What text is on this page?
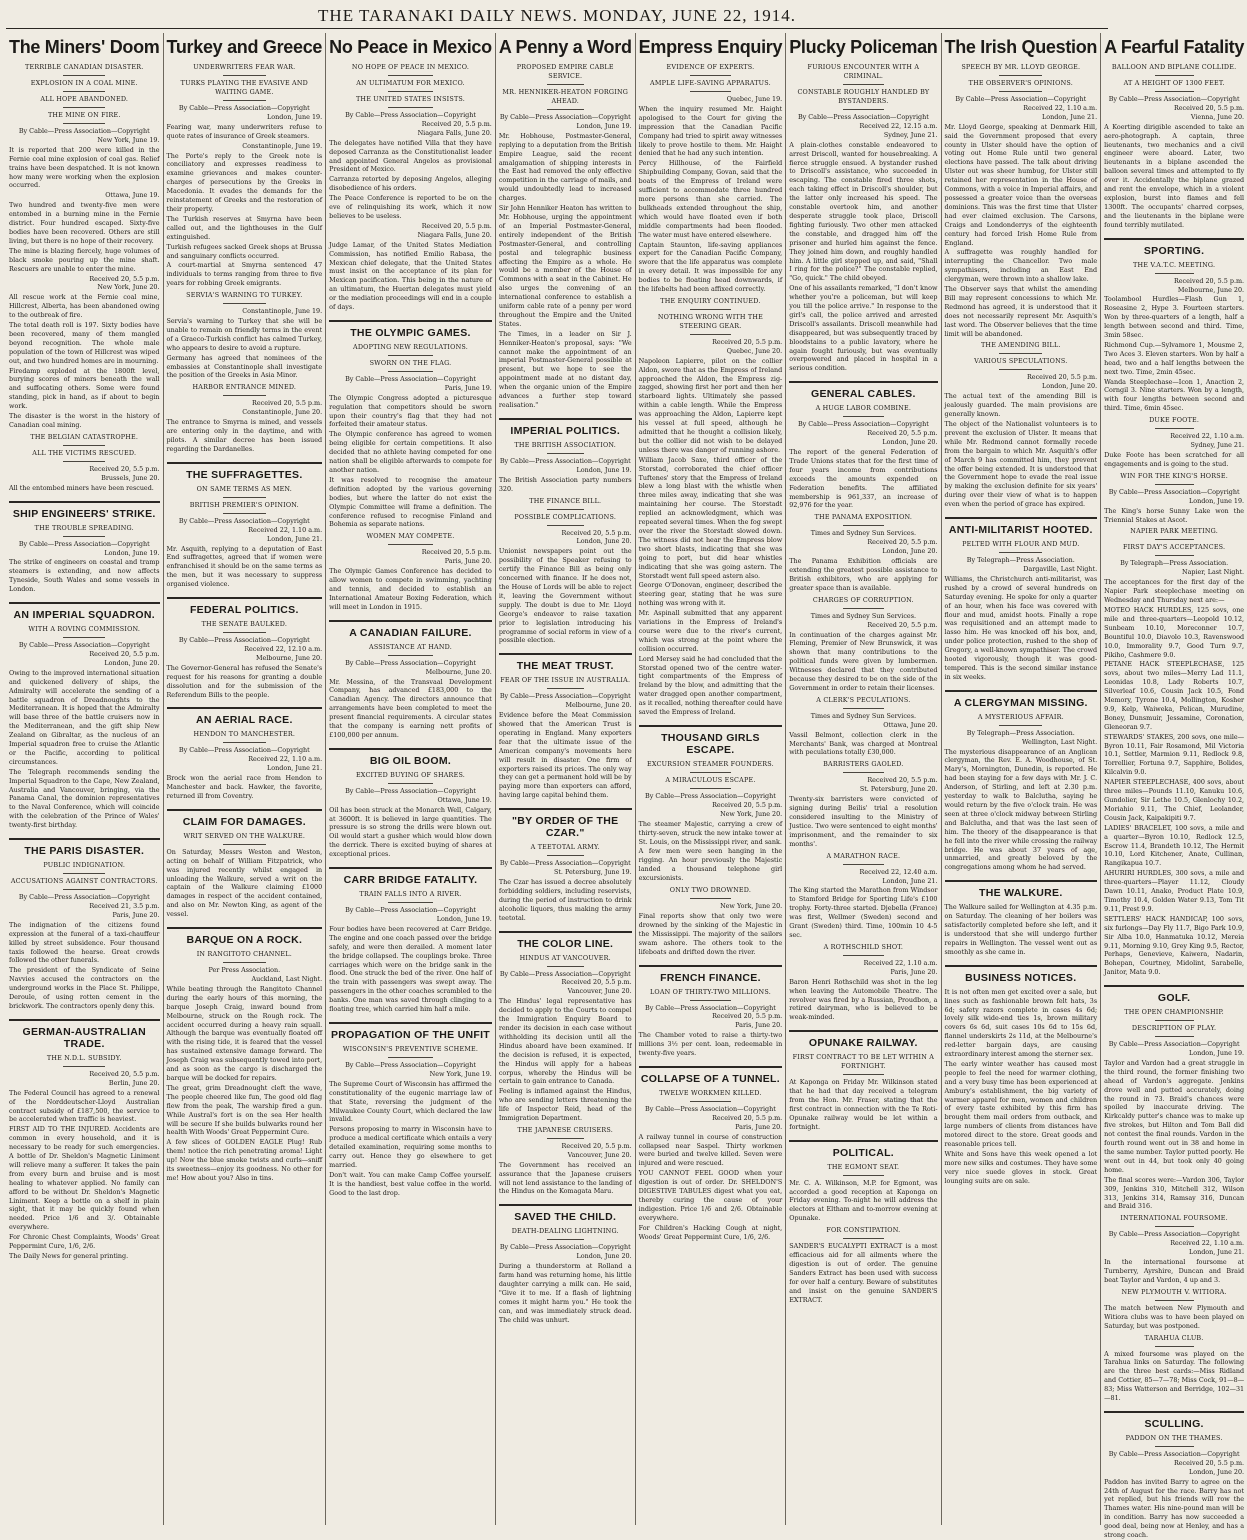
THE TARANAKI DAILY NEWS. MONDAY, JUNE 22, 1914.
The Miners' Doom
TERRIBLE CANADIAN DISASTER.
EXPLOSION IN A COAL MINE.
ALL HOPE ABANDONED.
THE MINE ON FIRE.
By Cable—Press Association—Copyright
New York, June 19.
It is reported that 200 were killed in the Fernie coal mine explosion of coal gas. Relief trains have been despatched. It is not known how many were working when the explosion occurred.
Ottawa, June 19.
Two hundred and twenty-five men were entombed in a burning mine in the Fernie district. Four hundred escaped. Sixty-five bodies have been recovered. Others are still living, but there is no hope of their recovery.
The mine is blazing fiercely, huge volumes of black smoke pouring up the mine shaft. Rescuers are unable to enter the mine.
Received 20, 5.5 p.m.
New York, June 20.
All rescue work at the Fernie coal mine, Hillcrest, Alberta, has been abandoned owing to the outbreak of fire.
The total death roll is 197. Sixty bodies have been recovered, many of them mangled beyond recognition. The whole male population of the town of Hillcrest was wiped out, and two hundred homes are in mourning.
Firedamp exploded at the 1800ft level, burying scores of miners beneath the wall and suffocating others. Some were found standing, pick in hand, as if about to begin work.
The disaster is the worst in the history of Canadian coal mining.
THE BELGIAN CATASTROPHE.
ALL THE VICTIMS RESCUED.
Received 20, 5.5 p.m.
Brussels, June 20.
All the entombed miners have been rescued.
SHIP ENGINEERS' STRIKE.
THE TROUBLE SPREADING.
By Cable—Press Association—Copyright
London, June 19.
The strike of engineers on coastal and tramp steamers is extending, and now affects Tyneside, South Wales and some vessels in London.
AN IMPERIAL SQUADRON.
WITH A ROVING COMMISSION.
By Cable—Press Association—Copyright
Received 20, 5.5 p.m.
London, June 20.
Owing to the improved international situation and quickened delivery of ships, the Admiralty will accelerate the sending of a battle squadron of Dreadnoughts to the Mediterranean. It is hoped that the Admiralty will base three of the battle cruisers now in the Mediterranean, and the gift ship New Zealand on Gibraltar, as the nucleus of an Imperial squadron free to cruise the Atlantic or the Pacific, according to political circumstances.
The Telegraph recommends sending the Imperial Squadron to the Cape, New Zealand, Australia and Vancouver, bringing, via the Panama Canal, the dominion representatives to the Naval Conference, which will coincide with the celebration of the Prince of Wales' twenty-first birthday.
THE PARIS DISASTER.
PUBLIC INDIGNATION.
ACCUSATIONS AGAINST CONTRACTORS.
By Cable—Press Association—Copyright
Received 21, 3.5 p.m.
Paris, June 20.
The indignation of the citizens found expression at the funeral of a taxi-chauffeur killed by street subsidence. Four thousand taxis followed the hearse. Great crowds followed the other funerals.
The president of the Syndicate of Seine Navvies accused the contractors on the underground works in the Place St. Philippe, Deroule, of using rotten cement in the brickwork. The contractors openly deny this.
GERMAN-AUSTRALIAN TRADE.
THE N.D.L. SUBSIDY.
Received 20, 5.5 p.m.
Berlin, June 20.
The Federal Council has agreed to a renewal of the Norddeutscher-Lloyd Australian contract subsidy of £187,500, the service to be accelerated when traffic is heaviest.
FIRST AID TO THE INJURED. Accidents are common in every household, and it is necessary to be ready for such emergencies. A bottle of Dr. Sheldon's Magnetic Liniment will relieve many a sufferer. It takes the pain from every burn and bruise and is most healing to whatever applied. No family can afford to be without Dr. Sheldon's Magnetic Liniment. Keep a bottle on a shelf in plain sight, that it may be quickly found when needed. Price 1/6 and 3/. Obtainable everywhere.
For Chronic Chest Complaints, Woods' Great Peppermint Cure, 1/6, 2/6.
The Daily News for general printing.
Turkey and Greece
UNDERWRITERS FEAR WAR.
TURKS PLAYING THE EVASIVE AND WAITING GAME.
By Cable—Press Association—Copyright
London, June 19.
Fearing war, many underwriters refuse to quote rates of insurance of Greek steamers.
Constantinople, June 19.
The Porte's reply to the Greek note is conciliatory and expresses readiness to examine grievances and makes counter-charges of persecutions by the Greeks in Macedonia. It evades the demands for the reinstatement of Greeks and the restoration of their property.
The Turkish reserves at Smyrna have been called out, and the lighthouses in the Gulf extinguished.
Turkish refugees sacked Greek shops at Brussa and sanguinary conflicts occurred.
A court-martial at Smyrna sentenced 47 individuals to terms ranging from three to five years for robbing Greek emigrants.
SERVIA'S WARNING TO TURKEY.
Constantinople, June 19.
Servia's warning to Turkey that she will be unable to remain on friendly terms in the event of a Graeco-Turkish conflict has calmed Turkey, who appears to desire to avoid a rupture.
Germany has agreed that nominees of the embassies at Constantinople shall investigate the position of the Greeks in Asia Minor.
HARBOR ENTRANCE MINED.
Received 20, 5.5 p.m.
Constantinople, June 20.
The entrance to Smyrna is mined, and vessels are entering only in the daytime, and with pilots. A similar decree has been issued regarding the Dardanelles.
THE SUFFRAGETTES.
ON SAME TERMS AS MEN.
BRITISH PREMIER'S OPINION.
By Cable—Press Association—Copyright
Received 22, 1.10 a.m.
London, June 21.
Mr. Asquith, replying to a deputation of East End suffragettes, agreed that if women were enfranchised it should be on the same terms as the men, but it was necessary to suppress organised violence.
FEDERAL POLITICS.
THE SENATE BAULKED.
By Cable—Press Association—Copyright
Received 22, 12.10 a.m.
Melbourne, June 20.
The Governor-General has refused the Senate's request for his reasons for granting a double dissolution and for the submission of the Referendum Bills to the people.
AN AERIAL RACE.
HENDON TO MANCHESTER.
By Cable—Press Association—Copyright
Received 22, 1.10 a.m.
London, June 21.
Brock won the aerial race from Hendon to Manchester and back. Hawker, the favorite, returned ill from Coventry.
CLAIM FOR DAMAGES.
WRIT SERVED ON THE WALKURE.
On Saturday, Messrs Weston and Weston, acting on behalf of William Fitzpatrick, who was injured recently whilst engaged in unloading the Walkure, served a writ on the captain of the Walkure claiming £1000 damages in respect of the accident contained, and also on Mr. Newton King, as agent of the vessel.
BARQUE ON A ROCK.
IN RANGITOTO CHANNEL.
Per Press Association.
Auckland, Last Night.
While beating through the Rangitoto Channel during the early hours of this morning, the barque Joseph Craig, inward bound from Melbourne, struck on the Rough rock. The accident occurred during a heavy rain squall. Although the barque was eventually floated off with the rising tide, it is feared that the vessel has sustained extensive damage forward. The Joseph Craig was subsequently towed into port, and as soon as the cargo is discharged the barque will be docked for repairs.
The great, grim Dreadnought cleft the wave, The people cheered like fun, The good old flag flew from the peak, The warship fired a gun. While Austral's fort is on the sea Her health will be secure If she builds bulwarks round her health With Woods' Great Peppermint Cure.
A few slices of GOLDEN EAGLE Plug! Rub them! notice the rich penetrating aroma! Light up! Now the blue smoke twists and curls—sniff its sweetness—enjoy its goodness. No other for me! How about you? Also in tins.
No Peace in Mexico
NO HOPE OF PEACE IN MEXICO.
AN ULTIMATUM FOR MEXICO.
THE UNITED STATES INSISTS.
By Cable—Press Association—Copyright
Received 20, 5.5 p.m.
Niagara Falls, June 20.
The delegates have notified Villa that they have deposed Carranza as the Constitutionalist leader and appointed General Angelos as provisional President of Mexico.
Carranza retorted by deposing Angelos, alleging disobedience of his orders.
The Peace Conference is reported to be on the eve of relinquishing its work, which it now believes to be useless.
Received 20, 5.5 p.m.
Niagara Falls, June 20.
Judge Lamar, of the United States Mediation Commission, has notified Emilio Rabasa, the Mexican chief delegate, that the United States must insist on the acceptance of its plan for Mexican pacification. This being in the nature of an ultimatum, the Huertan delegates must yield or the mediation proceedings will end in a couple of days.
THE OLYMPIC GAMES.
ADOPTING NEW REGULATIONS.
SWORN ON THE FLAG.
By Cable—Press Association—Copyright
Paris, June 19.
The Olympic Congress adopted a picturesque regulation that competitors should be sworn upon their country's flag that they had not forfeited their amateur status.
The Olympic conference has agreed to women being eligible for certain competitions. It also decided that no athlete having competed for one nation shall be eligible afterwards to compete for another nation.
It was resolved to recognise the amateur definition adopted by the various governing bodies, but where the latter do not exist the Olympic Committee will frame a definition. The conference refused to recognise Finland and Bohemia as separate nations.
WOMEN MAY COMPETE.
Received 20, 5.5 p.m.
Paris, June 20.
The Olympic Games Conference has decided to allow women to compete in swimming, yachting and tennis, and decided to establish an International Amateur Boxing Federation, which will meet in London in 1915.
A CANADIAN FAILURE.
ASSISTANCE AT HAND.
By Cable—Press Association—Copyright
Melbourne, June 20.
Mr. Messina, of the Transvaal Development Company, has advanced £183,000 to the Canadian Agency. The directors announce that arrangements have been completed to meet the present financial requirements. A circular states that the company is earning nett profits of £100,000 per annum.
BIG OIL BOOM.
EXCITED BUYING OF SHARES.
By Cable—Press Association—Copyright
Ottawa, June 19.
Oil has been struck at the Monarch Well, Calgary, at 3600ft. It is believed in large quantities. The pressure is so strong the drills were blown out. Oil would start a gusher which would blow down the derrick. There is excited buying of shares at exceptional prices.
CARR BRIDGE FATALITY.
TRAIN FALLS INTO A RIVER.
By Cable—Press Association—Copyright
London, June 19.
Four bodies have been recovered at Carr Bridge. The engine and one coach passed over the bridge safely, and were then derailed. A moment later the bridge collapsed. The couplings broke. Three carriages which were on the bridge sank in the flood. One struck the bed of the river. One half of the train with passengers was swept away. The passengers in the other coaches scrambled to the banks. One man was saved through clinging to a floating tree, which carried him half a mile.
PROPAGATION OF THE UNFIT
WISCONSIN'S PREVENTIVE SCHEME.
By Cable—Press Association—Copyright
New York, June 19.
The Supreme Court of Wisconsin has affirmed the constitutionality of the eugenic marriage law of that State, reversing the judgment of the Milwaukee County Court, which declared the law invalid.
Persons proposing to marry in Wisconsin have to produce a medical certificate which entails a very detailed examination, requiring some months to carry out. Hence they go elsewhere to get married.
Don't wait. You can make Camp Coffee yourself. It is the handiest, best value coffee in the world. Good to the last drop.
A Penny a Word
PROPOSED EMPIRE CABLE SERVICE.
MR. HENNIKER-HEATON FORGING AHEAD.
By Cable—Press Association—Copyright
London, June 19.
Mr. Hobhouse, Postmaster-General, replying to a deputation from the British Empire League, said the recent amalgamation of shipping interests in the East had removed the only effective competition in the carriage of mails, and would undoubtedly lead to increased charges.
Sir John Henniker Heaton has written to Mr. Hobhouse, urging the appointment of an Imperial Postmaster-General, entirely independent of the British Postmaster-General, and controlling postal and telegraphic business affecting the Empire as a whole. He would be a member of the House of Commons with a seat in the Cabinet. He also urges the convening of an international conference to establish a uniform cable rate of a penny per word throughout the Empire and the United States.
The Times, in a leader on Sir J. Henniker-Heaton's proposal, says: "We cannot make the appointment of an imperial Postmaster-General possible at present, but we hope to see the appointment made at no distant day, when the organic union of the Empire advances a further step toward realisation."
IMPERIAL POLITICS.
THE BRITISH ASSOCIATION.
By Cable—Press Association—Copyright
London, June 19.
The British Association party numbers 320.
THE FINANCE BILL.
POSSIBLE COMPLICATIONS.
Received 20, 5.5 p.m.
London, June 20.
Unionist newspapers point out the possibility of the Speaker refusing to certify the Finance Bill as being only concerned with finance. If he does not, the House of Lords will be able to reject it, leaving the Government without supply. The doubt is due to Mr. Lloyd George's endeavor to raise taxation prior to legislation introducing his programme of social reform in view of a possible election.
THE MEAT TRUST.
FEAR OF THE ISSUE IN AUSTRALIA.
By Cable—Press Association—Copyright
Melbourne, June 20.
Evidence before the Meat Commission showed that the American Trust is operating in England. Many exporters fear that the ultimate issue of the American company's movements here will result in disaster. One firm of exporters raised its prices. The only way they can get a permanent hold will be by paying more than exporters can afford, having large capital behind them.
"BY ORDER OF THE CZAR."
A TEETOTAL ARMY.
By Cable—Press Association—Copyright
St. Petersburg, June 19.
The Czar has issued a decree absolutely forbidding soldiers, including reservists, during the period of instruction to drink alcoholic liquors, thus making the army teetotal.
THE COLOR LINE.
HINDUS AT VANCOUVER.
By Cable—Press Association—Copyright
Received 20, 5.5 p.m.
Vancouver, June 20.
The Hindus' legal representative has decided to apply to the Courts to compel the Immigration Enquiry Board to render its decision in each case without withholding its decision until all the Hindus aboard have been examined. If the decision is refused, it is expected, the Hindus will apply for a habeas corpus, whereby the Hindus will be certain to gain entrance to Canada.
Feeling is inflamed against the Hindus, who are sending letters threatening the life of Inspector Reid, head of the Immigration Department.
THE JAPANESE CRUISERS.
Received 20, 5.5 p.m.
Vancouver, June 20.
The Government has received an assurance that the Japanese cruisers will not lend assistance to the landing of the Hindus on the Komagata Maru.
SAVED THE CHILD.
DEATH-DEALING LIGHTNING.
By Cable—Press Association—Copyright
London, June 20.
During a thunderstorm at Rolland a farm hand was returning home, his little daughter carrying a milk can. He said, "Give it to me. If a flash of lightning comes it might harm you." He took the can, and was immediately struck dead. The child was unhurt.
Empress Enquiry
EVIDENCE OF EXPERTS.
AMPLE LIFE-SAVING APPARATUS.
Quebec, June 19.
When the inquiry resumed Mr. Haight apologised to the Court for giving the impression that the Canadian Pacific Company had tried to spirit away witnesses likely to prove hostile to them. Mr. Haight denied that he had any such intention.
Percy Hillhouse, of the Fairfield Shipbuilding Company, Govan, said that the boats of the Empress of Ireland were sufficient to accommodate three hundred more persons than she carried. The bulkheads extended throughout the ship, which would have floated even if both middle compartments had been flooded. The water must have entered elsewhere.
Captain Staunton, life-saving appliances expert for the Canadian Pacific Company, swore that the life apparatus was complete in every detail. It was impossible for any bodies to be floating head downwards, if the lifebelts had been affixed correctly.
THE ENQUIRY CONTINUED.
NOTHING WRONG WITH THE STEERING GEAR.
Received 20, 5.5 p.m.
Quebec, June 20.
Napoleon Lapierre, pilot on the collier Aldon, swore that as the Empress of Ireland approached the Aldon, the Empress zig-zagged, showing first her port and then her starboard lights. Ultimately she passed within a cable length. While the Empress was approaching the Aldon, Lapierre kept his vessel at full speed, although he admitted that he thought a collision likely, but the collier did not wish to be delayed unless there was danger of running ashore.
William Jacob Saxe, third officer of the Storstad, corroborated the chief officer Tuftenes' story that the Empress of Ireland blew a long blast with the whistle when three miles away, indicating that she was maintaining her course. The Storstadt replied an acknowledgment, which was repeated several times. When the fog swept over the river the Storstadt slowed down. The witness did not hear the Empress blow two short blasts, indicating that she was going to port, but did hear whistles indicating that she was going astern. The Storstadt went full speed astern also.
George O'Donovan, engineer, described the steering gear, stating that he was sure nothing was wrong with it.
Mr. Aspinall submitted that any apparent variations in the Empress of Ireland's course were due to the river's current, which was strong at the point where the collision occurred.
Lord Mersey said he had concluded that the Storstad opened two of the centre water-tight compartments of the Empress of Ireland by the blow, and admitting that the water dragged open another compartment, as it recalled, nothing thereafter could have saved the Empress of Ireland.
THOUSAND GIRLS ESCAPE.
EXCURSION STEAMER FOUNDERS.
A MIRACULOUS ESCAPE.
By Cable—Press Association—Copyright
Received 20, 5.5 p.m.
New York, June 20.
The steamer Majestic, carrying a crew of thirty-seven, struck the new intake tower at St. Louis, on the Mississippi river, and sank.
A few men were seen hanging in the rigging. An hour previously the Majestic landed a thousand telephone girl excursionists.
ONLY TWO DROWNED.
New York, June 20.
Final reports show that only two were drowned by the sinking of the Majestic in the Mississippi. The majority of the sailors swam ashore. The others took to the lifeboats and drifted down the river.
FRENCH FINANCE.
LOAN OF THIRTY-TWO MILLIONS.
By Cable—Press Association—Copyright
Received 20, 5.5 p.m.
Paris, June 20.
The Chamber voted to raise a thirty-two millions 3½ per cent. loan, redeemable in twenty-five years.
COLLAPSE OF A TUNNEL.
TWELVE WORKMEN KILLED.
By Cable—Press Association—Copyright
Received 20, 5.5 p.m.
Paris, June 20.
A railway tunnel in course of construction collapsed near Saspel. Thirty workmen were buried and twelve killed. Seven were injured and were rescued.
YOU CANNOT FEEL GOOD when your digestion is out of order. Dr. SHELDON'S DIGESTIVE TABULES digest what you eat, thereby curing the cause of your indigestion. Price 1/6 and 2/6. Obtainable everywhere.
For Children's Hacking Cough at night, Woods' Great Peppermint Cure, 1/6, 2/6.
Plucky Policeman
FURIOUS ENCOUNTER WITH A CRIMINAL.
CONSTABLE ROUGHLY HANDLED BY BYSTANDERS.
By Cable—Press Association—Copyright
Received 22, 12.15 a.m.
Sydney, June 21.
A plain-clothes constable endeavored to arrest Driscoll, wanted for housebreaking. A fierce struggle ensued. A bystander rushed to Driscoll's assistance, who succeeded in escaping. The constable fired three shots, each taking effect in Driscoll's shoulder, but the latter only increased his speed. The constable overtook him, and another desperate struggle took place, Driscoll fighting furiously. Two other men attacked the constable, and dragged him off the prisoner and hurled him against the fence. They joined him down, and roughly handled him. A little girl stepped up, and said, "Shall I ring for the police?" The constable replied, "Go, quick." The child obeyed.
One of his assailants remarked, "I don't know whether you're a policeman, but will keep you till the police arrive." In response to the girl's call, the police arrived and arrested Driscoll's assailants. Driscoll meanwhile had disappeared, but was subsequently traced by bloodstains to a public lavatory, where he again fought furiously, but was eventually overpowered and placed in hospital in a serious condition.
GENERAL CABLES.
A HUGE LABOR COMBINE.
By Cable—Press Association—Copyright
Received 20, 5.5 p.m.
London, June 20.
The report of the general Federation of Trade Unions states that for the first time of four years income from contributions exceeds the amounts expended on Federation benefits. The affiliated membership is 961,337, an increase of 92,976 for the year.
THE PANAMA EXPOSITION.
Times and Sydney Sun Services.
Received 20, 5.5 p.m.
London, June 20.
The Panama Exhibition officials are extending the greatest possible assistance to British exhibitors, who are applying for greater space than is available.
CHARGES OF CORRUPTION.
Times and Sydney Sun Services.
Received 20, 5.5 p.m.
In continuation of the charges against Mr. Fleming, Premier of New Brunswick, it was shown that many contributions to the political funds were given by lumbermen. Witnesses declared that they contributed because they desired to be on the side of the Government in order to retain their licenses.
A CLERK'S PECULATIONS.
Times and Sydney Sun Services.
Ottawa, June 20.
Vassil Belmont, collection clerk in the Merchants' Bank, was charged at Montreal with peculations totally £30,000.
BARRISTERS GAOLED.
Received 20, 5.5 p.m.
St. Petersburg, June 20.
Twenty-six barristers were convicted of signing during Beilis' trial a resolution considered insulting to the Ministry of Justice. Two were sentenced to eight months' imprisonment, and the remainder to six months'.
A MARATHON RACE.
Received 22, 12.40 a.m.
London, June 21.
The King started the Marathon from Windsor to Stamford Bridge for Sporting Life's £100 trophy. Forty-three started. Djebella (France) was first, Wellmer (Sweden) second and Grant (Sweden) third. Time, 100min 10 4-5 sec.
A ROTHSCHILD SHOT.
Received 22, 1.10 a.m.
Paris, June 20.
Baron Henri Rothschild was shot in the leg when leaving the Automobile Theatre. The revolver was fired by a Russian, Proudbon, a retired dairyman, who is believed to be weak-minded.
OPUNAKE RAILWAY.
FIRST CONTRACT TO BE LET WITHIN A FORTNIGHT.
At Kaponga on Friday Mr. Wilkinson stated that he had that day received a telegram from the Hon. Mr. Fraser, stating that the first contract in connection with the Te Roti-Opunake railway would be let within a fortnight.
POLITICAL.
THE EGMONT SEAT.
Mr. C. A. Wilkinson, M.P. for Egmont, was accorded a good reception at Kaponga on Friday evening. To-night he will address the electors at Eltham and to-morrow evening at Opunake.
FOR CONSTIPATION.
SANDER'S EUCALYPTI EXTRACT is a most efficacious aid for all ailments where the digestion is out of order. The genuine Sanders Extract has been used with success for over half a century. Beware of substitutes and insist on the genuine SANDER'S EXTRACT.
The Irish Question
SPEECH BY MR. LLOYD GEORGE.
THE OBSERVER'S OPINIONS.
By Cable—Press Association—Copyright
Received 22, 1.10 a.m.
London, June 21.
Mr. Lloyd George, speaking at Denmark Hill, said the Government proposed that every county in Ulster should have the option of voting out Home Rule until two general elections have passed. The talk about driving Ulster out was sheer humbug, for Ulster still retained her representation in the House of Commons, with a voice in Imperial affairs, and possessed a greater voice than the overseas dominions. This was the first time that Ulster had ever claimed exclusion. The Carsons, Craigs and Londonderrys of the eighteenth century had forced Irish Home Rule from England.
A suffragette was roughly handled for interrupting the Chancellor. Two male sympathisers, including an East End clergyman, were thrown into a shallow lake.
The Observer says that whilst the amending Bill may represent concessions to which Mr. Redmond has agreed, it is understood that it does not necessarily represent Mr. Asquith's last word. The Observer believes that the time limit will be abandoned.
THE AMENDING BILL.
VARIOUS SPECULATIONS.
Received 20, 5.5 p.m.
London, June 20.
The actual text of the amending Bill is jealously guarded. The main provisions are generally known.
The object of the Nationalist volunteers is to prevent the exclusion of Ulster. It means that while Mr. Redmond cannot formally recede from the bargain to which Mr. Asquith's offer of March 9 has committed him, they prevent the offer being extended. It is understood that the Government hope to evade the real issue by making the exclusion definite for six years' during over their view of what is to happen even when the period of grace has expired.
ANTI-MILITARIST HOOTED.
PELTED WITH FLOUR AND MUD.
By Telegraph—Press Association.
Dargaville, Last Night.
Williams, the Christchurch anti-militarist, was rushed by a crowd of several hundreds on Saturday evening. He spoke for only a quarter of an hour, when his face was covered with flour and mud, amidst hoots. Finally a rope was requisitioned and an attempt made to lasso him. He was knocked off his box, and, under police protection, rushed to the shop of Gregory, a well-known sympathiser. The crowd hooted vigorously, though it was good-tempered. This is the second similar instance in six weeks.
A CLERGYMAN MISSING.
A MYSTERIOUS AFFAIR.
By Telegraph—Press Association.
Wellington, Last Night.
The mysterious disappearance of an Anglican clergyman, the Rev. E. A. Woodhouse, of St. Mary's, Mornington, Dunedin, is reported. He had been staying for a few days with Mr. J. C. Anderson, of Stirling, and left at 2.30 p.m. yesterday to walk to Balclutha, saying he would return by the five o'clock train. He was seen at three o'clock midway between Stirling and Balclutha, and that was the last seen of him. The theory of the disappearance is that he fell into the river while crossing the railway bridge. He was about 37 years of age, unmarried, and greatly beloved by the congregations among whom he had served.
THE WALKURE.
The Walkure sailed for Wellington at 4.35 p.m. on Saturday. The cleaning of her boilers was satisfactorily completed before she left, and it is understood that she will undergo further repairs in Wellington. The vessel went out as smoothly as she came in.
BUSINESS NOTICES.
It is not often men get excited over a sale, but lines such as fashionable brown felt hats, 3s 6d; safety razors complete in cases 4s 6d; lovely silk wide-end ties 1s, brown military covers 6s 6d, suit cases 10s 6d to 15s 6d, flannel underskirts 2s 11d, at the Melbourne's red-letter bargain days, are causing extraordinary interest among the sterner sex.
The early winter weather has caused most people to feel the need for warmer clothing, and a very busy time has been experienced at Ambury's establishment, the big variety of warmer apparel for men, women and children of every taste exhibited by this firm has brought them mail orders from outback, and large numbers of clients from distances have motored direct to the store. Great goods and reasonable prices tell.
White and Sons have this week opened a lot more new silks and costumes. They have some very nice suede gloves in stock. Great lounging suits are on sale.
A Fearful Fatality
BALLOON AND BIPLANE COLLIDE.
AT A HEIGHT OF 1300 FEET.
By Cable—Press Association—Copyright
Received 20, 5.5 p.m.
Vienna, June 20.
A Koerting dirigible ascended to take an aero-photograph. A captain, three lieutenants, two mechanics and a civil engineer were aboard. Later, two lieutenants in a biplane ascended the balloon several times and attempted to fly over it. Accidentally the biplane grazed and rent the envelope, which in a violent explosion, burst into flames and fell 1300ft. The occupants' charred corpses, and the lieutenants in the biplane were found terribly mutilated.
SPORTING.
THE V.A.T.C. MEETING.
Received 20, 5.5 p.m.
Melbourne, June 20.
Toolambool Hurdles—Flash Gun 1, Roseasine 2, Hype 3. Fourteen starters. Won by three-quarters of a length, half a length between second and third. Time, 3min 58sec.
Richmond Cup.—Sylvamore 1, Mousme 2, Two Aces 3. Eleven starters. Won by half a head, two and a half lengths between the next two. Time, 2min 45sec.
Wanda Steeplechase—Icon 1, Anaction 2, Corngil 3. Nine starters. Won by a length, with four lengths between second and third. Time, 6min 45sec.
DUKE FOOTE.
Received 22, 1.10 a.m.
Sydney, June 21.
Duke Foote has been scratched for all engagements and is going to the stud.
WIN FOR THE KING'S HORSE.
By Cable—Press Association—Copyright
London, June 19.
The King's horse Sunny Lake won the Triennial Stakes at Ascot.
NAPIER PARK MEETING.
FIRST DAY'S ACCEPTANCES.
By Telegraph—Press Association.
Napier, Last Night.
The acceptances for the first day of the Napier Park steeplechase meeting on Wednesday and Thursday next are:—
MOTEO HACK HURDLES, 125 sovs, one mile and three-quarters—Leopold 10.12, Sunbeam 10.10, Moreconner 10.7, Bountiful 10.0, Diavolo 10.3, Ravenswood 10.0, Immorality 9.7, Good Turn 9.7, Pikiho, Cashmere 9.0.
PETANE HACK STEEPLECHASE, 125 sovs, about two miles—Merry Lad 11.1, Leonidas 10.8, Lady Roberts 10.7, Silverleaf 10.6, Cousin Jack 10.5, Fond Memory, Tyrone 10.4, Mollington, Kosher 9.9, Kelp, Waiweka, Pelican, Murudine, Boney, Dunsmuir, Jessamine, Coronation, Gleneoran 9.7.
STEWARDS' STAKES, 200 sovs, one mile—Byron 10.11, Fair Rosamond, Mil Victoria 10.1, Settler, Marmion 9.11, Redlock 9.8, Torrellier, Fortuna 9.7, Sapphire, Bolides, Kilcalvin 9.0.
NAPIER STEEPLECHASE, 400 sovs, about three miles—Pounds 11.10, Kanuku 10.6, Gundolier, Sir Lethe 10.5, Glenlochy 10.2, Moriahio 9.11, The Chief, Leolander, Cousin Jack, Kaipakipiti 9.7.
LADIES' BRACELET, 100 sovs, a mile and a quarter—Byron 10.10, Redlock 12.5, Escrow 11.4, Brandeth 10.12, The Hermit 10.10, Lord Kitchener, Anate, Cullinan, Rangikapua 10.7.
AHURIRI HURDLES, 300 sovs, a mile and three-quarters—Player 11.12, Cloudy Dawn 10.11, Anako, Product Plate 10.9, Timothy 10.4, Golden Water 9.13, Tom Tit 9.11, Prest 9.9.
SETTLERS' HACK HANDICAP, 100 sovs, six furlongs—Day Fly 11.7, Bigo Park 10.9, Sir Alba 10.0, Hanmatuka 10.12, Mereia 9.11, Morning 9.10, Grey King 9.5, Rector, Perhaps, Genevieve, Kaiwera, Nadarin, Bohepan, Courtney, Midolint, Sarabelle, Janitor, Mata 9.0.
GOLF.
THE OPEN CHAMPIONSHIP.
DESCRIPTION OF PLAY.
By Cable—Press Association—Copyright
London, June 19.
Taylor and Vardon had a great struggle in the third round, the former finishing two ahead of Vardon's aggregate. Jenkins drove well and putted accurately, doing the round in 73. Braid's chances were spoiled by inaccurate driving. The Kirkcaldy putter's chance was to make up five strokes, but Hilton and Tom Ball did not contest the final rounds. Vardon in the fourth round went out in 38 and home in the same number. Taylor putted poorly. He went out in 44, but took only 40 going home.
The final scores were:—Vardon 306, Taylor 309, Jenkins 310, Mitchell 312, Wilson 313, Jenkins 314, Ramsay 316, Duncan and Braid 316.
INTERNATIONAL FOURSOME.
By Cable—Press Association—Copyright
Received 22, 1.10 a.m.
London, June 21.
In the international foursome at Turnberry, Ayrshire, Duncan and Braid beat Taylor and Vardon, 4 up and 3.
NEW PLYMOUTH V. WITIORA.
The match between New Plymouth and Witiora clubs was to have been played on Saturday, but was postponed.
TARAHUA CLUB.
A mixed foursome was played on the Tarahua links on Saturday. The following are the three best cards:—Miss Ridland and Cottier, 85—7—78; Miss Cock, 91—8—83; Miss Watterson and Berridge, 102—31—81.
SCULLING.
PADDON ON THE THAMES.
By Cable—Press Association—Copyright
Received 20, 5.5 p.m.
London, June 20.
Paddon has invited Barry to agree on the 24th of August for the race. Barry has not yet replied, but his friends will row the Thames water. His nine-pound man will be in condition. Barry has now succeeded a good deal, being now at Henley, and has a strong coach.
